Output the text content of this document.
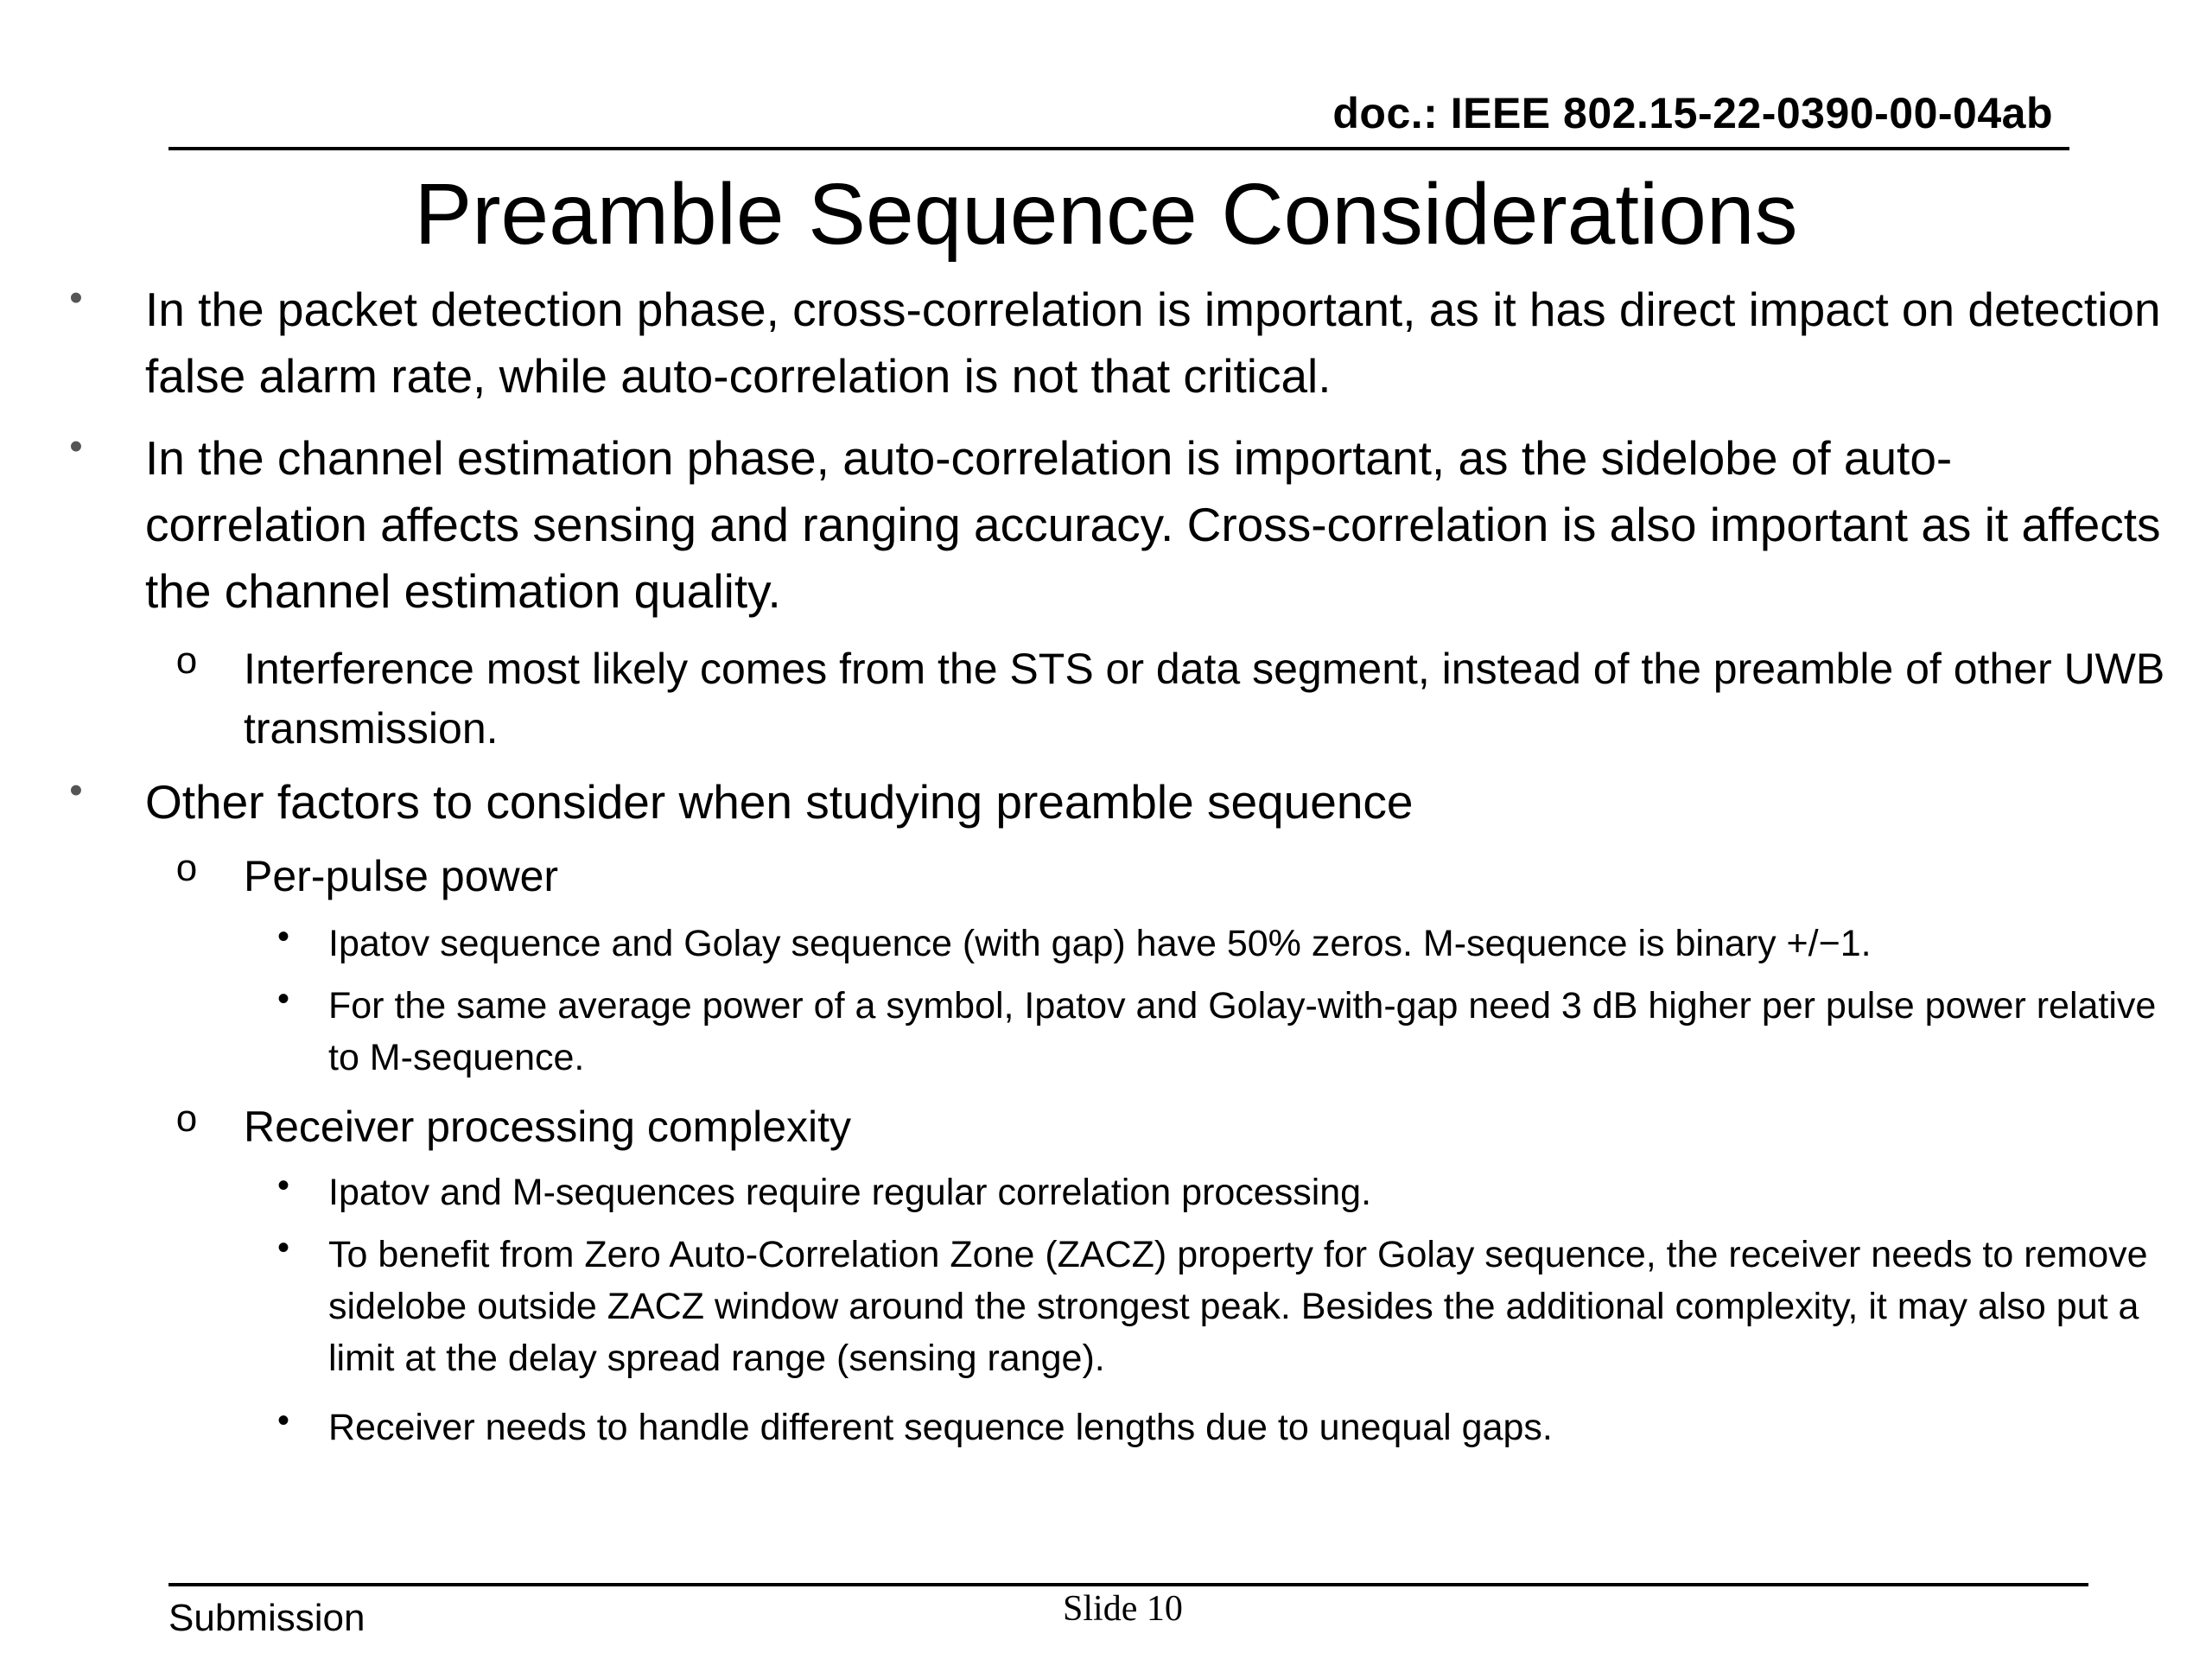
doc.: IEEE 802.15-22-0390-00-04ab
Preamble Sequence Considerations
• In the packet detection phase, cross-correlation is important, as it has direct impact on detection false alarm rate, while auto-correlation is not that critical.
• In the channel estimation phase, auto-correlation is important, as the sidelobe of auto-correlation affects sensing and ranging accuracy. Cross-correlation is also important as it affects the channel estimation quality.
o Interference most likely comes from the STS or data segment, instead of the preamble of other UWB transmission.
• Other factors to consider when studying preamble sequence
o Per-pulse power
• Ipatov sequence and Golay sequence (with gap) have 50% zeros. M-sequence is binary +/−1.
• For the same average power of a symbol, Ipatov and Golay-with-gap need 3 dB higher per pulse power relative to M-sequence.
o Receiver processing complexity
• Ipatov and M-sequences require regular correlation processing.
• To benefit from Zero Auto-Correlation Zone (ZACZ) property for Golay sequence, the receiver needs to remove sidelobe outside ZACZ window around the strongest peak. Besides the additional complexity, it may also put a limit at the delay spread range (sensing range).
• Receiver needs to handle different sequence lengths due to unequal gaps.
Submission	Slide 10
